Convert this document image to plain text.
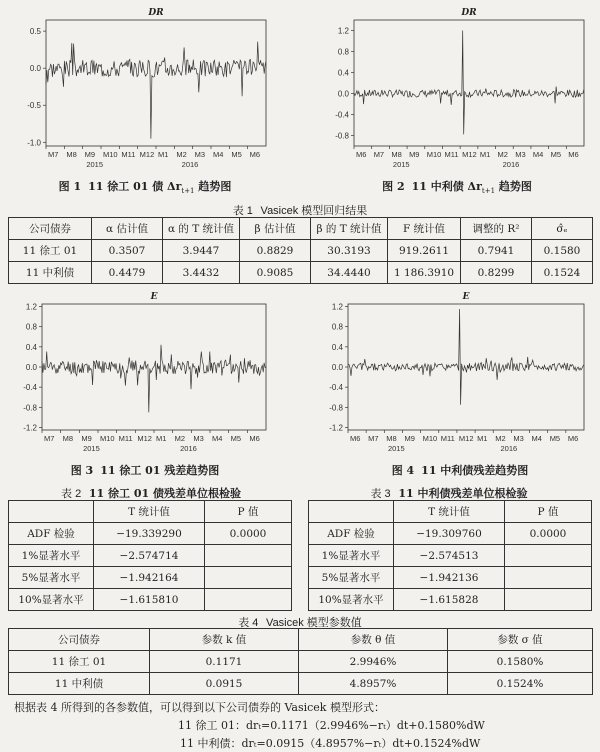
DR
0.5
0.0
-0.5
-1.0
M7 M8 M9 M10 M11 M12 M1 M2 M3 M4 M5 M6
2015	2016
图 1 11 徐工 01 债 $\Delta r_{t+1}$ 趋势图
DR
1.2
0.8
0.4
0.0
-0.4
-0.8
M6 M7 M8 M9 M10 M11 M12 M1 M2 M3 M4 M5 M6
2015	2016
图 2 11 中利债 $\Delta r_{t+1}$ 趋势图
表 1 Vasicek 模型回归结果
公司债券	α 估计值	α 的 T 统计值	β 估计值	β 的 T 统计值	F 统计值	调整的 R²	σ̂ₑ
11 徐工 01	0.3507	3.9447	0.8829	30.3193	919.2611	0.7941	0.1580
11 中利债	0.4479	3.4432	0.9085	34.4440	1 186.3910	0.8299	0.1524
E
1.2
0.8
0.4
0.0
-0.4
-0.8
-1.2
M7 M8 M9 M10 M11 M12 M1 M2 M3 M4 M5 M6
2015	2016
图 3 11 徐工 01 残差趋势图
E
1.2
0.8
0.4
0.0
-0.4
-0.8
-1.2
M6 M7 M8 M9 M10 M11 M12 M1 M2 M3 M4 M5 M6
2015	2016
图 4 11 中利债残差趋势图
表 2 11 徐工 01 债残差单位根检验
	T 统计值	P 值
ADF 检验	−19.339290	0.0000
1%显著水平	−2.574714	
5%显著水平	−1.942164	
10%显著水平	−1.615810	
表 3 11 中利债残差单位根检验
	T 统计值	P 值
ADF 检验	−19.309760	0.0000
1%显著水平	−2.574513	
5%显著水平	−1.942136	
10%显著水平	−1.615828	
表 4 Vasicek 模型参数值
公司债券	参数 k 值	参数 θ 值	参数 σ 值
11 徐工 01	0.1171	2.9946%	0.1580%
11 中利债	0.0915	4.8957%	0.1524%
根据表 4 所得到的各参数值，可以得到以下公司债券的 Vasicek 模型形式：
11 徐工 01：drₜ=0.1171（2.9946%−rₜ）dt+0.1580%dW
11 中利债：drₜ=0.0915（4.8957%−rₜ）dt+0.1524%dW
